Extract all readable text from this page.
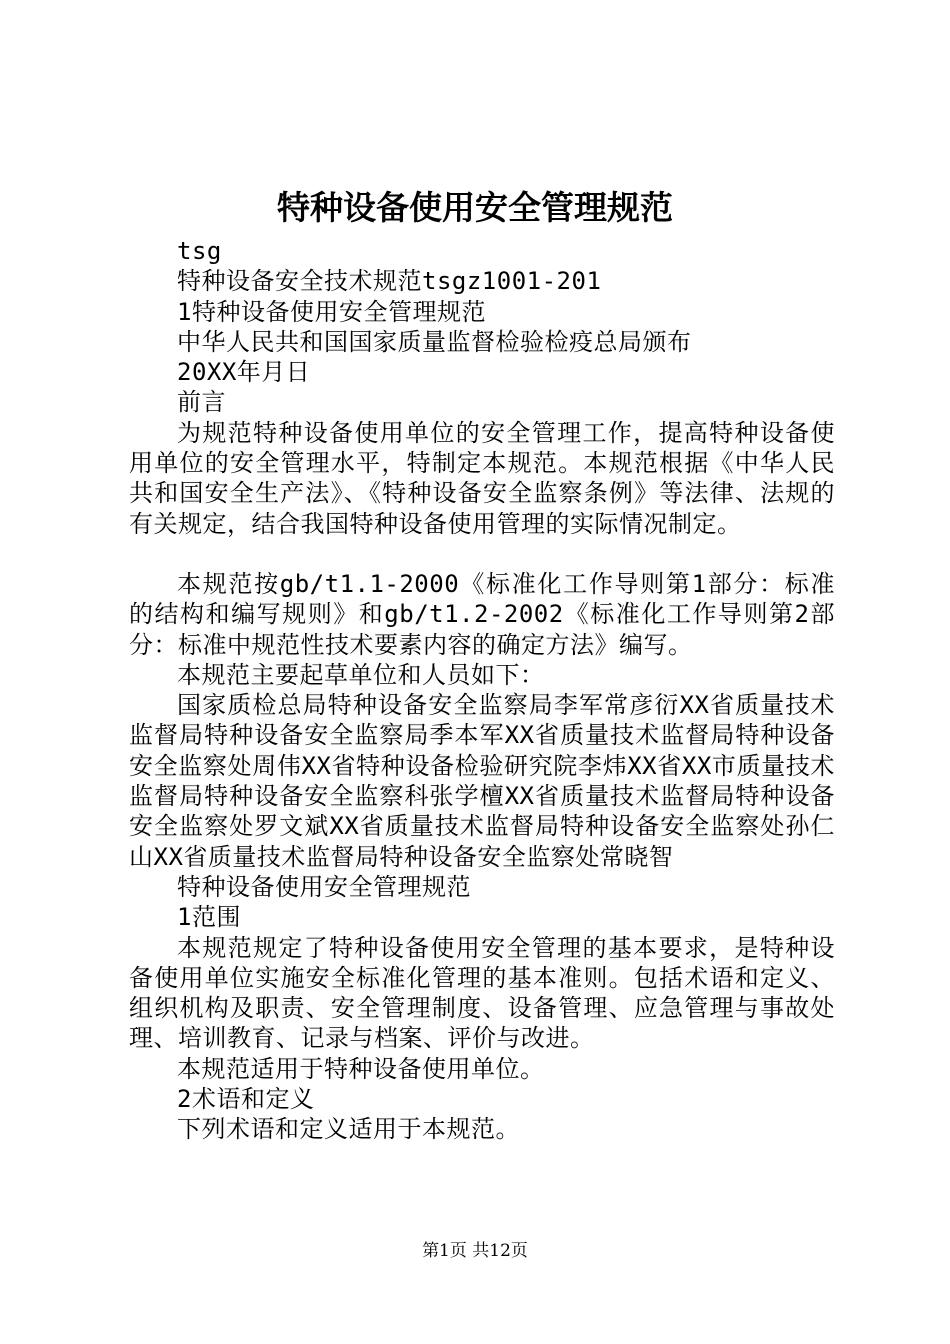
特种设备使用安全管理规范

tsg

特种设备安全技术规范tsgz1001-201

1特种设备使用安全管理规范

中华人民共和国国家质量监督检验检疫总局颁布

20XX年月日

前言

为规范特种设备使用单位的安全管理工作，提高特种设备使用单位的安全管理水平，特制定本规范。本规范根据《中华人民共和国安全生产法》、《特种设备安全监察条例》等法律、法规的有关规定，结合我国特种设备使用管理的实际情况制定。

本规范按gb/t1.1-2000《标准化工作导则第1部分：标准的结构和编写规则》和gb/t1.2-2002《标准化工作导则第2部分：标准中规范性技术要素内容的确定方法》编写。

本规范主要起草单位和人员如下：

国家质检总局特种设备安全监察局李军常彦衍XX省质量技术监督局特种设备安全监察局季本军XX省质量技术监督局特种设备安全监察处周伟XX省特种设备检验研究院李炜XX省XX市质量技术监督局特种设备安全监察科张学檀XX省质量技术监督局特种设备安全监察处罗文斌XX省质量技术监督局特种设备安全监察处孙仁山XX省质量技术监督局特种设备安全监察处常晓智

特种设备使用安全管理规范

1范围

本规范规定了特种设备使用安全管理的基本要求，是特种设备使用单位实施安全标准化管理的基本准则。包括术语和定义、组织机构及职责、安全管理制度、设备管理、应急管理与事故处理、培训教育、记录与档案、评价与改进。

本规范适用于特种设备使用单位。

2术语和定义

下列术语和定义适用于本规范。

第1页 共12页
